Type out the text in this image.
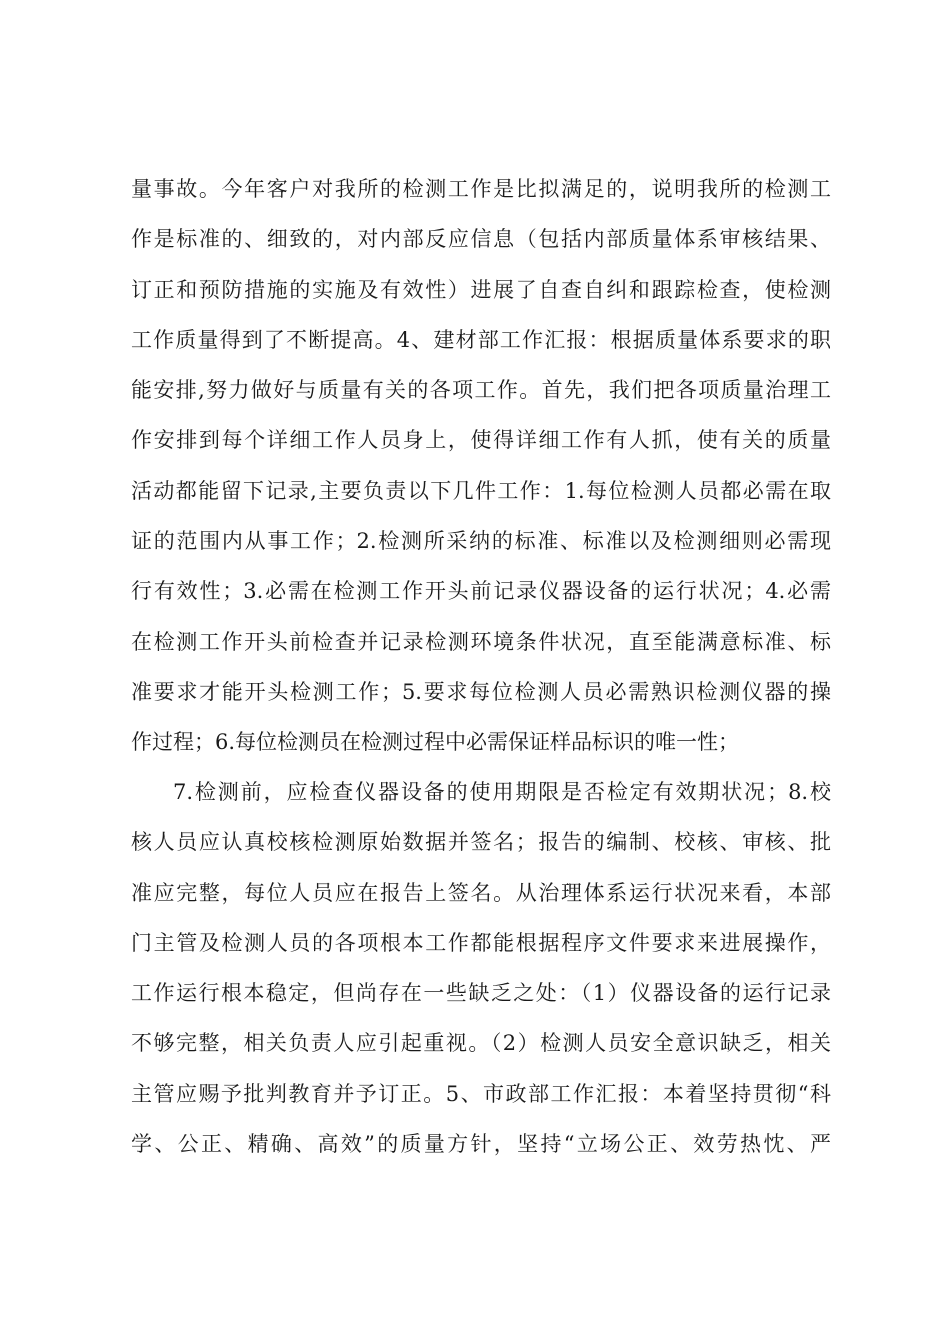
量事故。今年客户对我所的检测工作是比拟满足的，说明我所的检测工
作是标准的、细致的，对内部反应信息（包括内部质量体系审核结果、
订正和预防措施的实施及有效性）进展了自查自纠和跟踪检查，使检测
工作质量得到了不断提高。4、建材部工作汇报：根据质量体系要求的职
能安排,努力做好与质量有关的各项工作。首先，我们把各项质量治理工
作安排到每个详细工作人员身上，使得详细工作有人抓，使有关的质量
活动都能留下记录,主要负责以下几件工作：1.每位检测人员都必需在取
证的范围内从事工作；2.检测所采纳的标准、标准以及检测细则必需现
行有效性；3.必需在检测工作开头前记录仪器设备的运行状况；4.必需
在检测工作开头前检查并记录检测环境条件状况，直至能满意标准、标
准要求才能开头检测工作；5.要求每位检测人员必需熟识检测仪器的操
作过程；6.每位检测员在检测过程中必需保证样品标识的唯一性；
7.检测前，应检查仪器设备的使用期限是否检定有效期状况；8.校
核人员应认真校核检测原始数据并签名；报告的编制、校核、审核、批
准应完整，每位人员应在报告上签名。从治理体系运行状况来看，本部
门主管及检测人员的各项根本工作都能根据程序文件要求来进展操作，
工作运行根本稳定，但尚存在一些缺乏之处：（1）仪器设备的运行记录
不够完整，相关负责人应引起重视。（2）检测人员安全意识缺乏，相关
主管应赐予批判教育并予订正。5、市政部工作汇报：本着坚持贯彻“科
学、公正、精确、高效”的质量方针，坚持“立场公正、效劳热忱、严
